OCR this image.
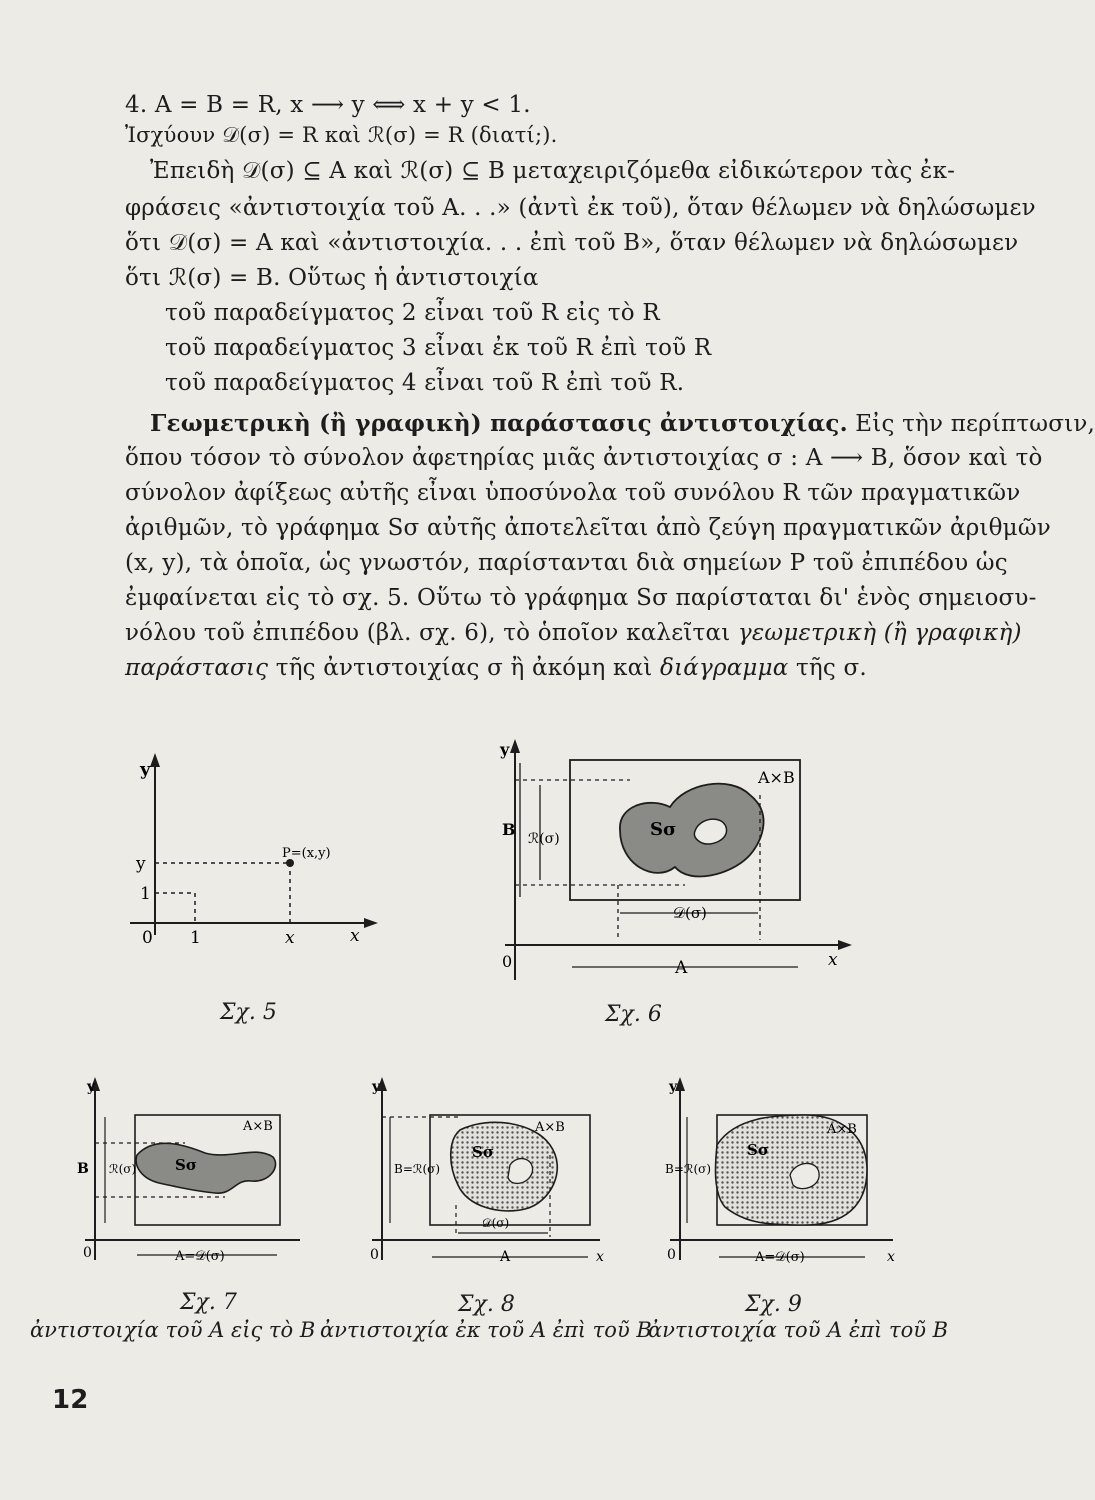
4. A = B = R, x ⟶ y ⟺ x + y < 1.
Ἰσχύουν 𝒟(σ) = R καὶ ℛ(σ) = R (διατί;).
Ἐπειδὴ 𝒟(σ) ⊆ A καὶ ℛ(σ) ⊆ B μεταχειριζόμεθα εἰδικώτερον τὰς ἐκ-
φράσεις «ἀντιστοιχία τοῦ A. . .» (ἀντὶ ἐκ τοῦ), ὅταν θέλωμεν νὰ δηλώσωμεν
ὅτι 𝒟(σ) = A καὶ «ἀντιστοιχία. . . ἐπὶ τοῦ B», ὅταν θέλωμεν νὰ δηλώσωμεν
ὅτι ℛ(σ) = B. Οὕτως ἡ ἀντιστοιχία
τοῦ παραδείγματος 2 εἶναι τοῦ R εἰς τὸ R
τοῦ παραδείγματος 3 εἶναι ἐκ τοῦ R ἐπὶ τοῦ R
τοῦ παραδείγματος 4 εἶναι τοῦ R ἐπὶ τοῦ R.
Γεωμετρικὴ (ἢ γραφικὴ) παράστασις ἀντιστοιχίας. Εἰς τὴν περίπτωσιν,
ὅπου τόσον τὸ σύνολον ἀφετηρίας μιᾶς ἀντιστοιχίας σ : A ⟶ B, ὅσον καὶ τὸ
σύνολον ἀφίξεως αὐτῆς εἶναι ὑποσύνολα τοῦ συνόλου R τῶν πραγματικῶν
ἀριθμῶν, τὸ γράφημα Sσ αὐτῆς ἀποτελεῖται ἀπὸ ζεύγη πραγματικῶν ἀριθμῶν
(x, y), τὰ ὁποῖα, ὡς γνωστόν, παρίστανται διὰ σημείων P τοῦ ἐπιπέδου ὡς
ἐμφαίνεται εἰς τὸ σχ. 5. Οὕτω τὸ γράφημα Sσ παρίσταται δι' ἑνὸς σημειοσυ-
νόλου τοῦ ἐπιπέδου (βλ. σχ. 6), τὸ ὁποῖον καλεῖται γεωμετρικὴ (ἢ γραφικὴ)
παράστασις τῆς ἀντιστοιχίας σ ἢ ἀκόμη καὶ διάγραμμα τῆς σ.
y
y
1
0 1	x	x
P=(x,y)
Σχ. 5
y
x
0
A×B
Sσ
B ℛ(σ)
𝒟(σ)
A
Σχ. 6
y
0
A×B
Sσ
B ℛ(σ)
A=𝒟(σ)
Σχ. 7
ἀντιστοιχία τοῦ A εἰς τὸ B
y
x
0
A×B
Sσ
B=ℛ(σ)
𝒟(σ)
A
Σχ. 8
ἀντιστοιχία ἐκ τοῦ A ἐπὶ τοῦ B
y
x
0
A×B
Sσ
B=ℛ(σ)
A=𝒟(σ)
Σχ. 9
ἀντιστοιχία τοῦ A ἐπὶ τοῦ B
12
